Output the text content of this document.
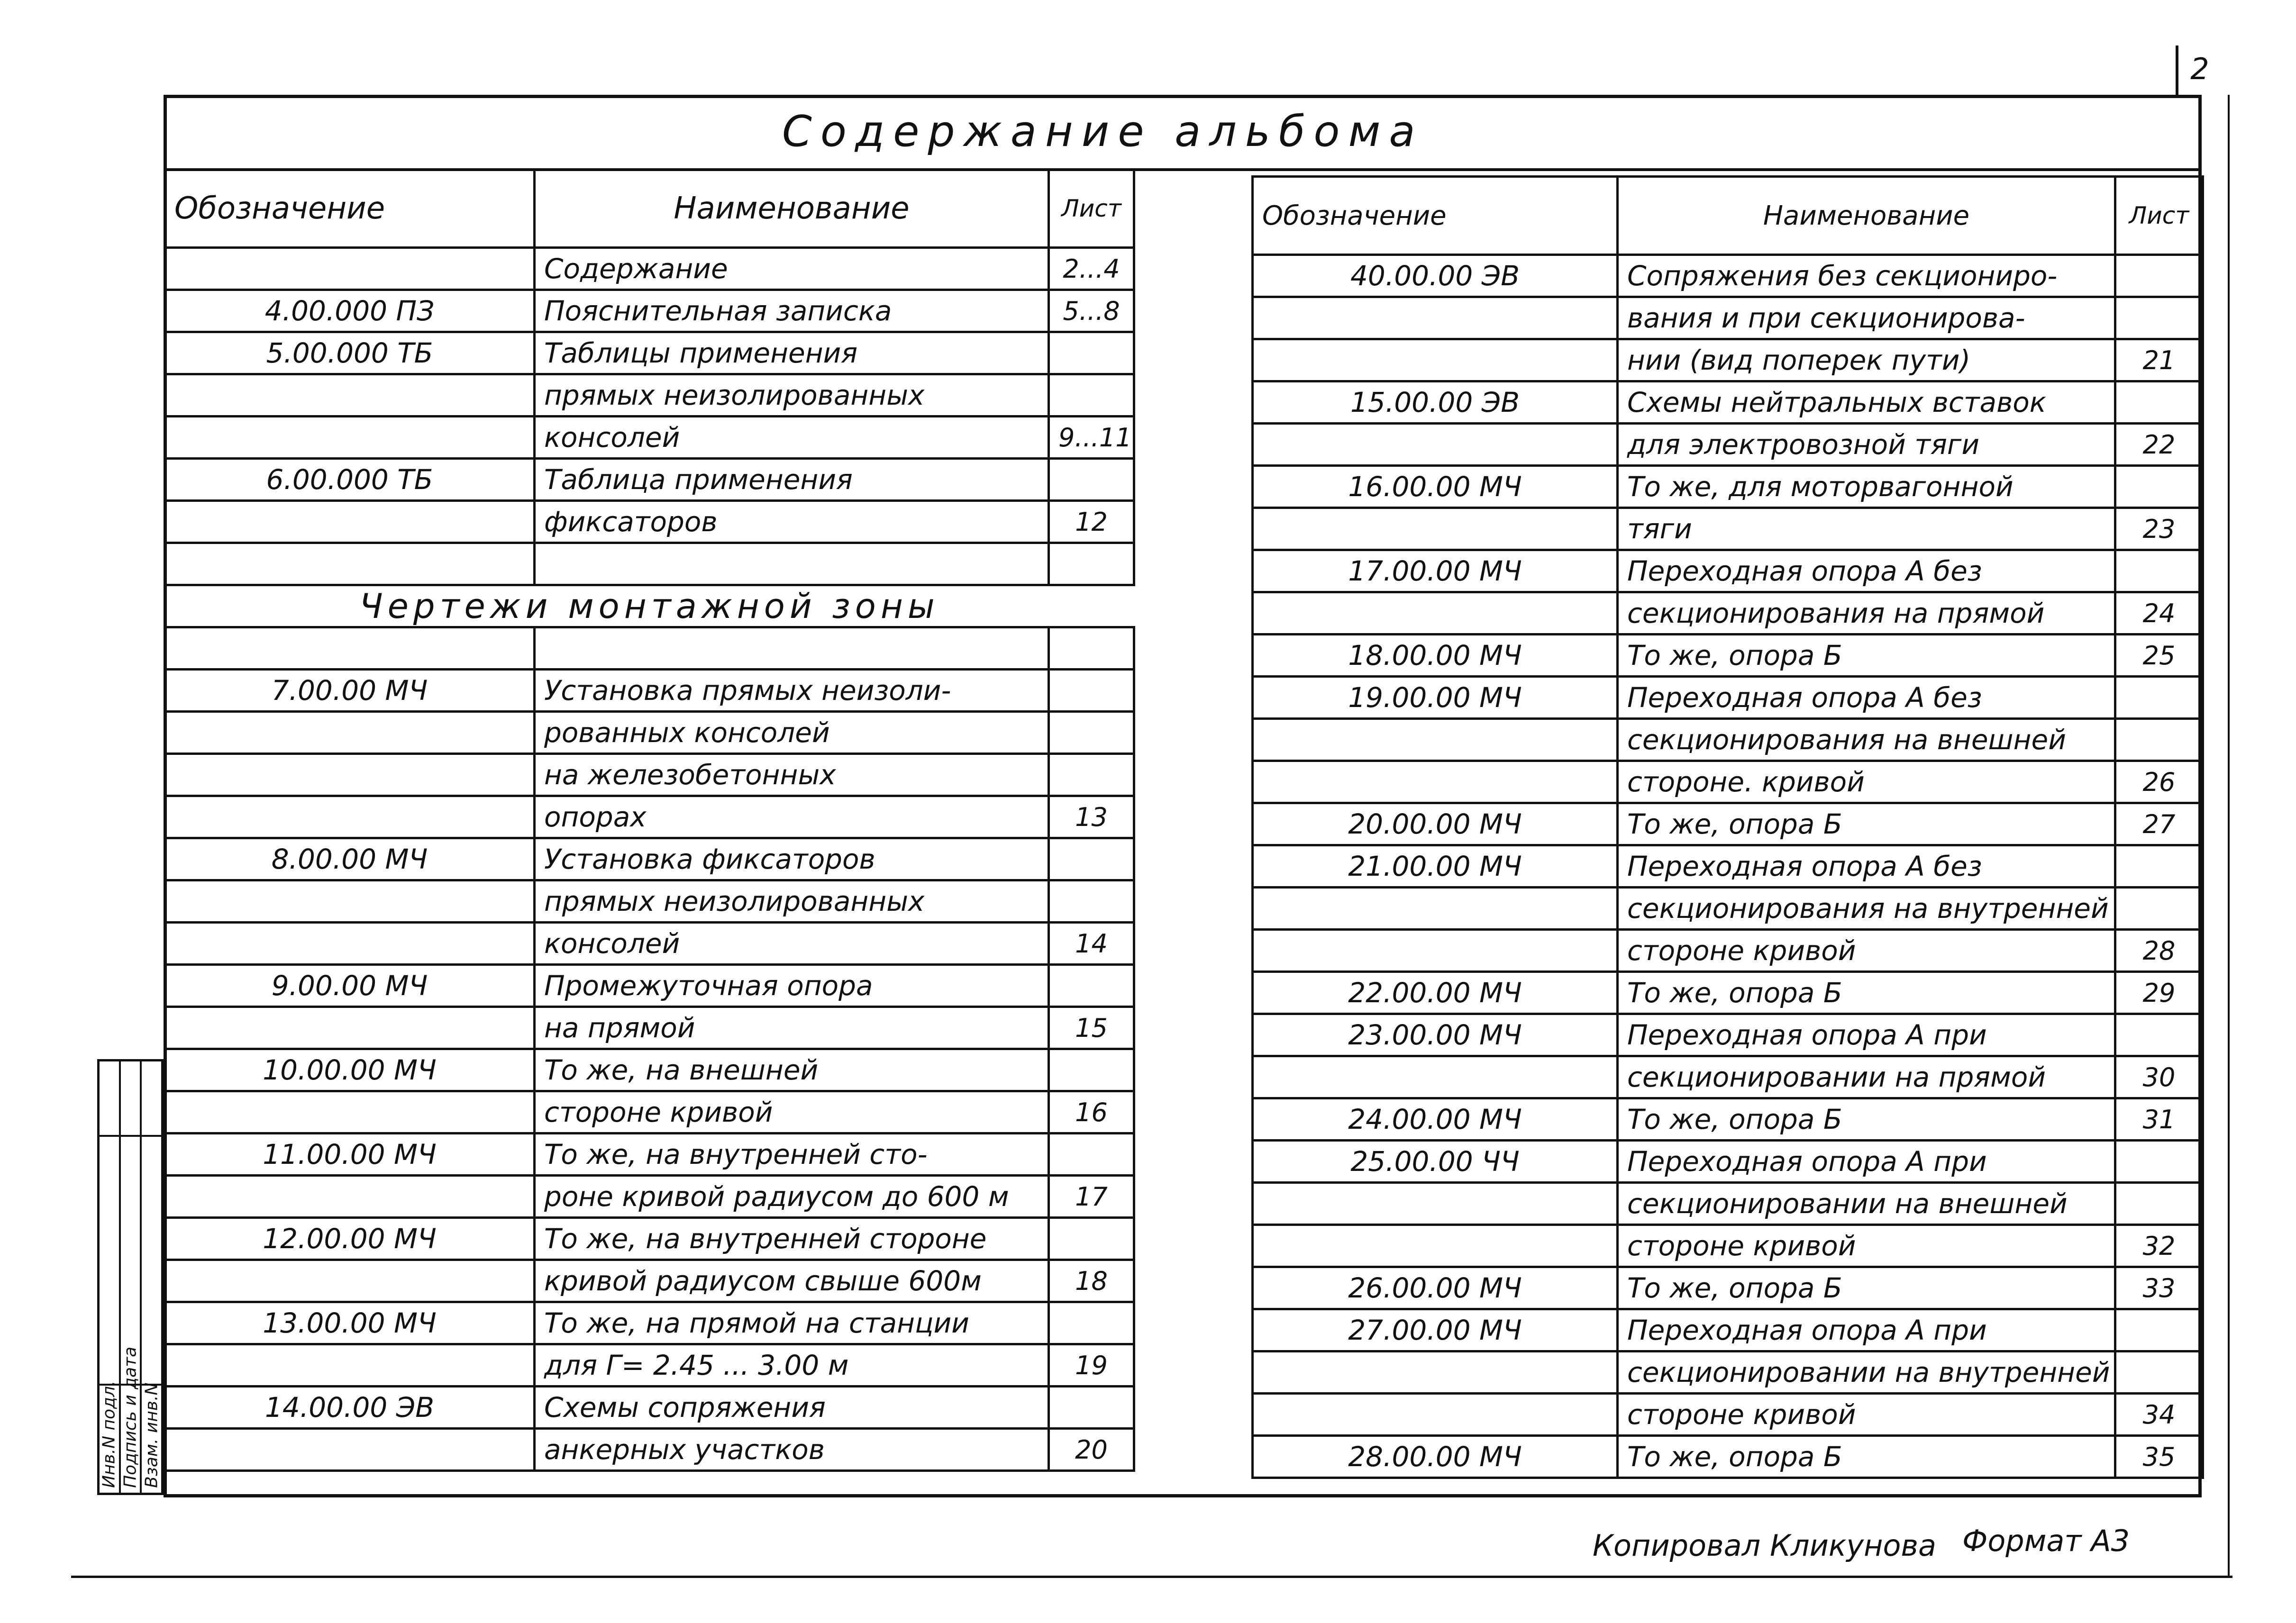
2
Содержание альбома
Обозначение	Наименование	Лист
	Содержание	2...4
4.00.000 ПЗ	Пояснительная записка	5...8
5.00.000 ТБ	Таблицы применения	
	прямых неизолированных	
	консолей	9...11
6.00.000 ТБ	Таблица применения	
	фиксаторов	12

Чертежи монтажной зоны		

7.00.00 МЧ	Установка прямых неизоли-	
	рованных консолей	
	на железобетонных	
	опорах	13
8.00.00 МЧ	Установка фиксаторов	
	прямых неизолированных	
	консолей	14
9.00.00 МЧ	Промежуточная опора	
	на прямой	15
10.00.00 МЧ	То же, на внешней	
	стороне кривой	16
11.00.00 МЧ	То же, на внутренней сто-	
	роне кривой радиусом до 600 м	17
12.00.00 МЧ	То же, на внутренней стороне	
	кривой радиусом свыше 600м	18
13.00.00 МЧ	То же, на прямой на станции	
	для Г= 2.45 ... 3.00 м	19
14.00.00 ЭВ	Схемы сопряжения	
	анкерных участков	20
Обозначение	Наименование	Лист
40.00.00 ЭВ	Сопряжения без секциониро-	
	вания и при секционирова-	
	нии (вид поперек пути)	21
15.00.00 ЭВ	Схемы нейтральных вставок	
	для электровозной тяги	22
16.00.00 МЧ	То же, для моторвагонной	
	тяги	23
17.00.00 МЧ	Переходная опора А без	
	секционирования на прямой	24
18.00.00 МЧ	То же, опора Б	25
19.00.00 МЧ	Переходная опора А без	
	секционирования на внешней	
	стороне. кривой	26
20.00.00 МЧ	То же, опора Б	27
21.00.00 МЧ	Переходная опора А без	
	секционирования на внутренней	
	стороне кривой	28
22.00.00 МЧ	То же, опора Б	29
23.00.00 МЧ	Переходная опора А при	
	секционировании на прямой	30
24.00.00 МЧ	То же, опора Б	31
25.00.00 ЧЧ	Переходная опора А при	
	секционировании на внешней	
	стороне кривой	32
26.00.00 МЧ	То же, опора Б	33
27.00.00 МЧ	Переходная опора А при	
	секционировании на внутренней	
	стороне кривой	34
28.00.00 МЧ	То же, опора Б	35
Инв.N подл. Подпись и дата Взам. инв.N
Копировал Кликунова Формат А3
